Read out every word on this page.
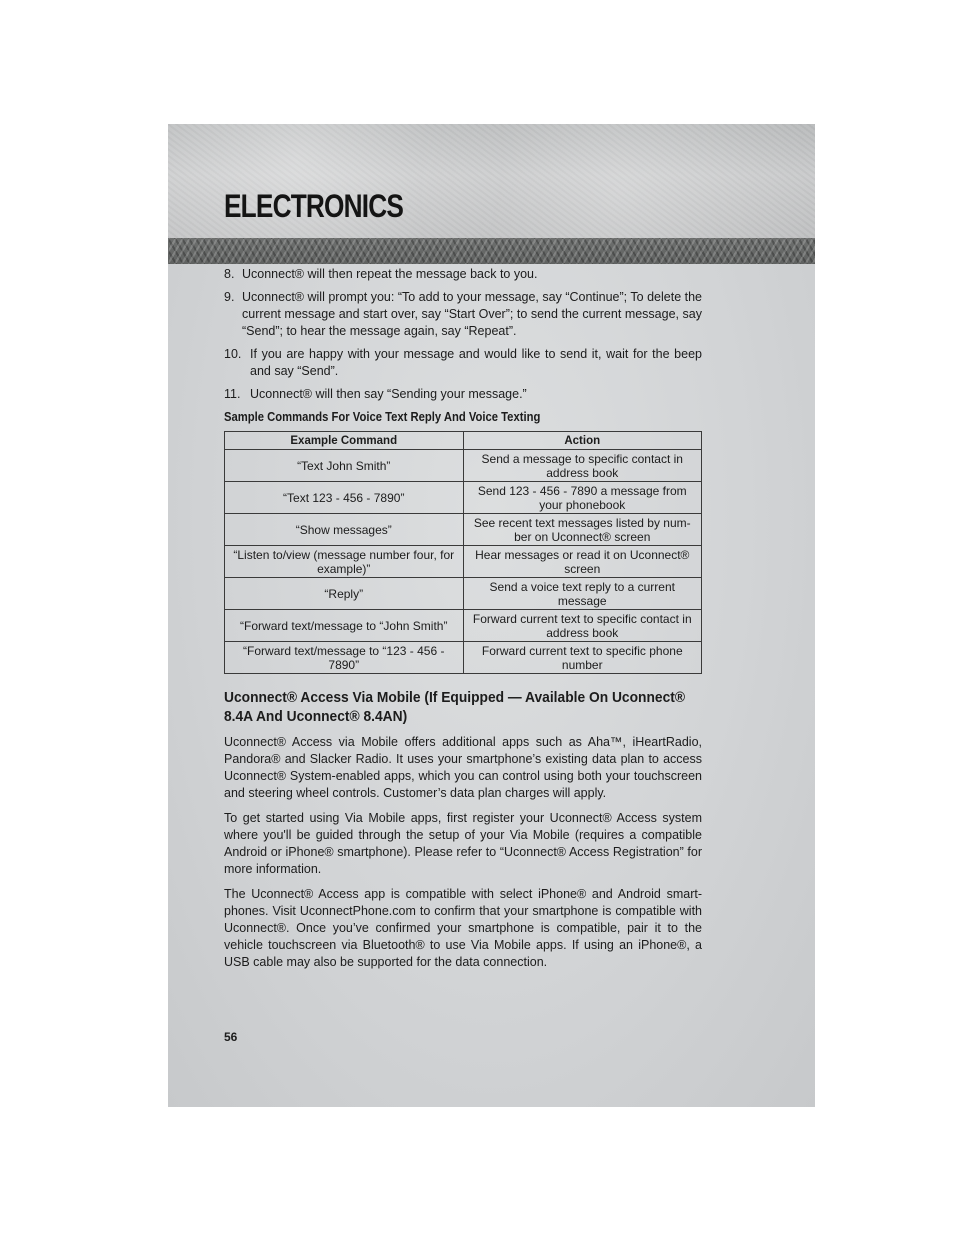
ELECTRONICS
8. Uconnect® will then repeat the message back to you.
9. Uconnect® will prompt you: “To add to your message, say “Continue”; To delete the current message and start over, say “Start Over”; to send the current message, say “Send”; to hear the message again, say “Repeat”.
10. If you are happy with your message and would like to send it, wait for the beep and say “Send”.
11. Uconnect® will then say “Sending your message.”
Sample Commands For Voice Text Reply And Voice Texting
Example Command	Action
“Text John Smith”	Send a message to specific contact in address book
“Text 123 - 456 - 7890”	Send 123 - 456 - 7890 a message from your phonebook
“Show messages”	See recent text messages listed by num-ber on Uconnect® screen
“Listen to/view (message number four, for example)”	Hear messages or read it on Uconnect® screen
“Reply”	Send a voice text reply to a current message
“Forward text/message to “John Smith”	Forward current text to specific contact in address book
“Forward text/message to “123 - 456 - 7890”	Forward current text to specific phone number
Uconnect® Access Via Mobile (If Equipped — Available On Uconnect® 8.4A And Uconnect® 8.4AN)

Uconnect® Access via Mobile offers additional apps such as Aha™, iHeartRadio, Pandora® and Slacker Radio. It uses your smartphone’s existing data plan to access Uconnect® System-enabled apps, which you can control using both your touchscreen and steering wheel controls. Customer’s data plan charges will apply.

To get started using Via Mobile apps, first register your Uconnect® Access system where you'll be guided through the setup of your Via Mobile (requires a compatible Android or iPhone® smartphone). Please refer to “Uconnect® Access Registration” for more information.

The Uconnect® Access app is compatible with select iPhone® and Android smart-phones. Visit UconnectPhone.com to confirm that your smartphone is compatible with Uconnect®. Once you’ve confirmed your smartphone is compatible, pair it to the vehicle touchscreen via Bluetooth® to use Via Mobile apps. If using an iPhone®, a USB cable may also be supported for the data connection.

56
